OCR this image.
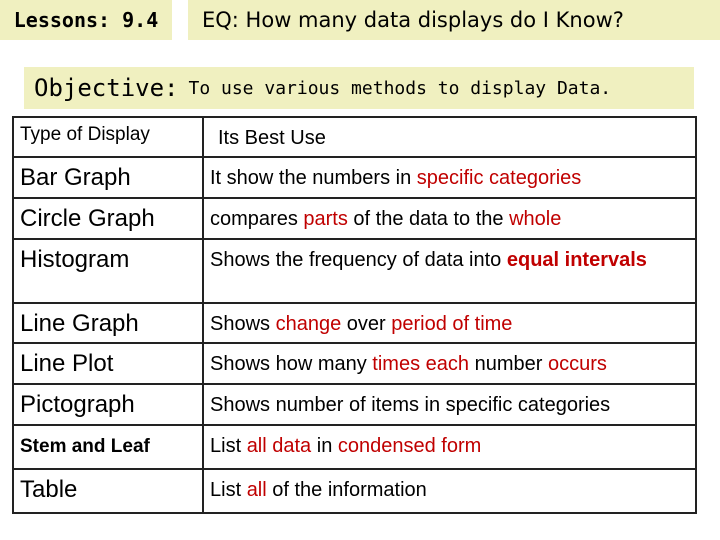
Lessons: 9.4 EQ: How many data displays do I Know?
Objective: To use various methods to display Data.
Type of Display	Its Best Use
Bar Graph	It show the numbers in specific categories
Circle Graph	compares parts of the data to the whole
Histogram	Shows the frequency of data into equal intervals
Line Graph	Shows change over period of time
Line Plot	Shows how many times each number occurs
Pictograph	Shows number of items in specific categories
Stem and Leaf	List all data in condensed form
Table	List all of the information
